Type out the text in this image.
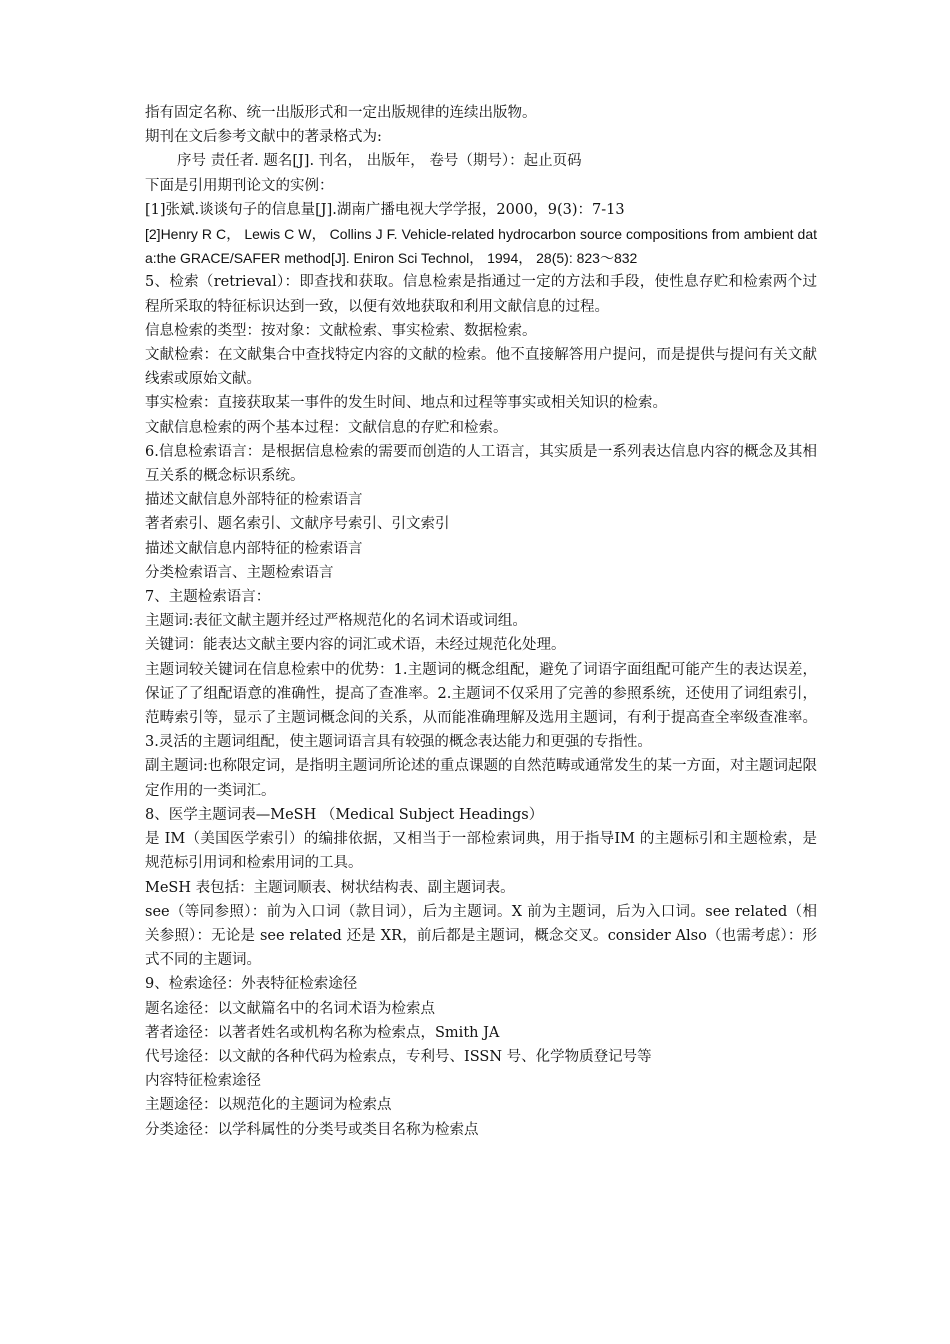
指有固定名称、统一出版形式和一定出版规律的连续出版物。
期刊在文后参考文献中的著录格式为:
序号 责任者. 题名[J]. 刊名， 出版年， 卷号（期号）：起止页码
下面是引用期刊论文的实例：
[1]张斌.谈谈句子的信息量[J].湖南广播电视大学学报，2000，9(3)：7-13
[2]Henry R C， Lewis C W， Collins J F. Vehicle-related hydrocarbon source compositions from ambient data:the GRACE/SAFER method[J]. Eniron Sci Technol， 1994， 28(5): 823～832
5、检索（retrieval）：即查找和获取。信息检索是指通过一定的方法和手段，使性息存贮和检索两个过程所采取的特征标识达到一致，以便有效地获取和利用文献信息的过程。
信息检索的类型：按对象：文献检索、事实检索、数据检索。
文献检索：在文献集合中查找特定内容的文献的检索。他不直接解答用户提问，而是提供与提问有关文献线索或原始文献。
事实检索：直接获取某一事件的发生时间、地点和过程等事实或相关知识的检索。
文献信息检索的两个基本过程：文献信息的存贮和检索。
6.信息检索语言：是根据信息检索的需要而创造的人工语言，其实质是一系列表达信息内容的概念及其相互关系的概念标识系统。
描述文献信息外部特征的检索语言
著者索引、题名索引、文献序号索引、引文索引
描述文献信息内部特征的检索语言
分类检索语言、主题检索语言
7、主题检索语言：
主题词:表征文献主题并经过严格规范化的名词术语或词组。
关键词：能表达文献主要内容的词汇或术语，未经过规范化处理。
主题词较关键词在信息检索中的优势：1.主题词的概念组配，避免了词语字面组配可能产生的表达误差，保证了了组配语意的准确性，提高了查准率。2.主题词不仅采用了完善的参照系统，还使用了词组索引，范畴索引等，显示了主题词概念间的关系，从而能准确理解及选用主题词，有利于提高查全率级查准率。3.灵活的主题词组配，使主题词语言具有较强的概念表达能力和更强的专指性。
副主题词:也称限定词，是指明主题词所论述的重点课题的自然范畴或通常发生的某一方面，对主题词起限定作用的一类词汇。
8、医学主题词表—MeSH （Medical Subject Headings）
是 IM（美国医学索引）的编排依据，又相当于一部检索词典，用于指导IM 的主题标引和主题检索，是规范标引用词和检索用词的工具。
MeSH 表包括：主题词顺表、树状结构表、副主题词表。
see（等同参照）：前为入口词（款目词），后为主题词。X 前为主题词，后为入口词。see related（相关参照）：无论是 see related 还是 XR，前后都是主题词，概念交叉。consider Also（也需考虑）：形式不同的主题词。
9、检索途径：外表特征检索途径
题名途径：以文献篇名中的名词术语为检索点
著者途径：以著者姓名或机构名称为检索点，Smith JA
代号途径：以文献的各种代码为检索点，专利号、ISSN 号、化学物质登记号等
内容特征检索途径
主题途径：以规范化的主题词为检索点
分类途径：以学科属性的分类号或类目名称为检索点
